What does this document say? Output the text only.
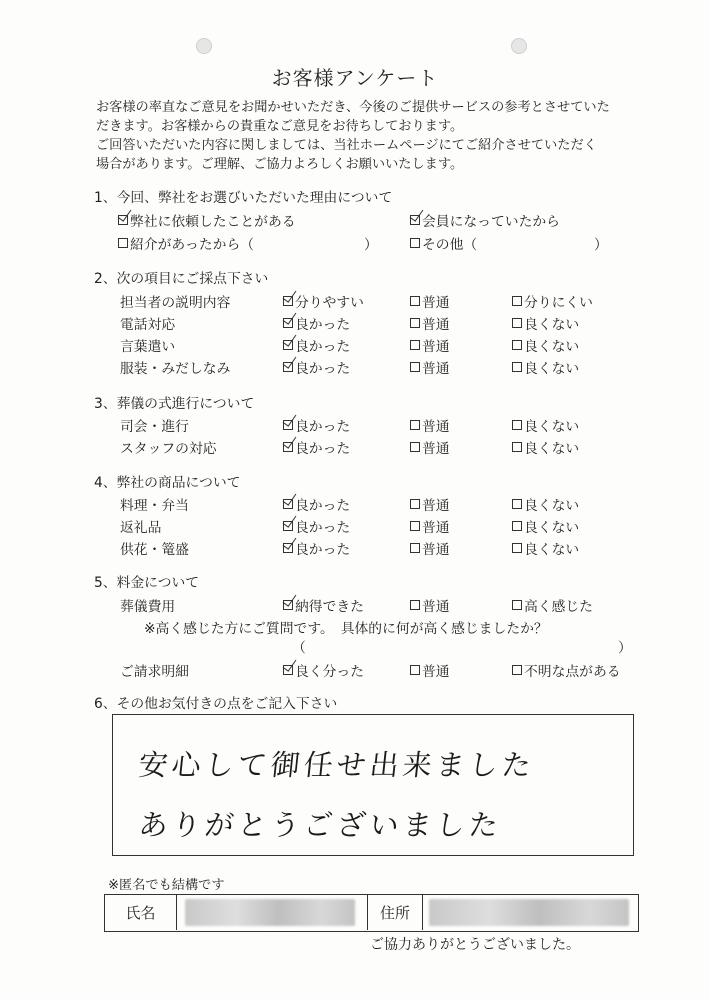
お客様アンケート
お客様の率直なご意見をお聞かせいただき、今後のご提供サービスの参考とさせていた
だきます。お客様からの貴重なご意見をお待ちしております。
ご回答いただいた内容に関しましては、当社ホームページにてご紹介させていただく
場合があります。ご理解、ご協力よろしくお願いいたします。
1、今回、弊社をお選びいただいた理由について
弊社に依頼したことがある	会員になっていたから
紹介があったから（	）	その他（	）
2、次の項目にご採点下さい
担当者の説明内容	分りやすい	普通	分りにくい
電話対応	良かった	普通	良くない
言葉遣い	良かった	普通	良くない
服装・みだしなみ	良かった	普通	良くない
3、葬儀の式進行について
司会・進行	良かった	普通	良くない
スタッフの対応	良かった	普通	良くない
4、弊社の商品について
料理・弁当	良かった	普通	良くない
返礼品	良かった	普通	良くない
供花・篭盛	良かった	普通	良くない
5、料金について
葬儀費用	納得できた	普通	高く感じた
ご請求明細	良く分った	普通	不明な点がある
※高く感じた方にご質問です。　具体的に何が高く感じましたか？
（	）
6、その他お気付きの点をご記入下さい
安心して御任せ出来ました
ありがとうございました
※匿名でも結構です
氏名	住所
ご協力ありがとうございました。
